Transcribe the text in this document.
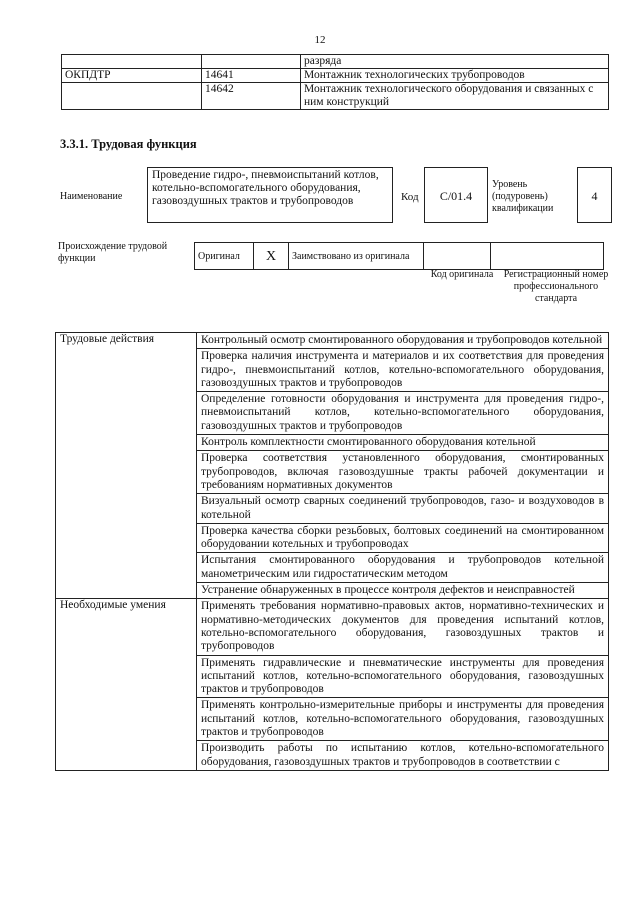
12
		разряда
ОКПДТР	14641	Монтажник технологических трубопроводов
	14642	Монтажник технологического оборудования и связанных с ним конструкций
3.3.1. Трудовая функция
Наименование
Проведение гидро-, пневмоиспытаний котлов, котельно-вспомогательного оборудования, газовоздушных трактов и трубопроводов	Код	С/01.4
Уровень (подуровень) квалификации
4
Происхождение трудовой функции	Оригинал	X	Заимствовано из оригинала		
Код оригинала	Регистрационный номер профессионального стандарта
Трудовые действия	Контрольный осмотр смонтированного оборудования и трубопроводов котельной
	Проверка наличия инструмента и материалов и их соответствия для проведения гидро-, пневмоиспытаний котлов, котельно-вспомогательного оборудования, газовоздушных трактов и трубопроводов
	Определение готовности оборудования и инструмента для проведения гидро-, пневмоиспытаний котлов, котельно-вспомогательного оборудования, газовоздушных трактов и трубопроводов
	Контроль комплектности смонтированного оборудования котельной
	Проверка соответствия установленного оборудования, смонтированных трубопроводов, включая газовоздушные тракты рабочей документации и требованиям нормативных документов
	Визуальный осмотр сварных соединений трубопроводов, газо- и воздуховодов в котельной
	Проверка качества сборки резьбовых, болтовых соединений на смонтированном оборудовании котельных и трубопроводах
	Испытания смонтированного оборудования и трубопроводов котельной манометрическим или гидростатическим методом
	Устранение обнаруженных в процессе контроля дефектов и неисправностей
Необходимые умения	Применять требования нормативно-правовых актов, нормативно-технических и нормативно-методических документов для проведения испытаний котлов, котельно-вспомогательного оборудования, газовоздушных трактов и трубопроводов
	Применять гидравлические и пневматические инструменты для проведения испытаний котлов, котельно-вспомогательного оборудования, газовоздушных трактов и трубопроводов
	Применять контрольно-измерительные приборы и инструменты для проведения испытаний котлов, котельно-вспомогательного оборудования, газовоздушных трактов и трубопроводов
	Производить работы по испытанию котлов, котельно-вспомогательного оборудования, газовоздушных трактов и трубопроводов в соответствии с
